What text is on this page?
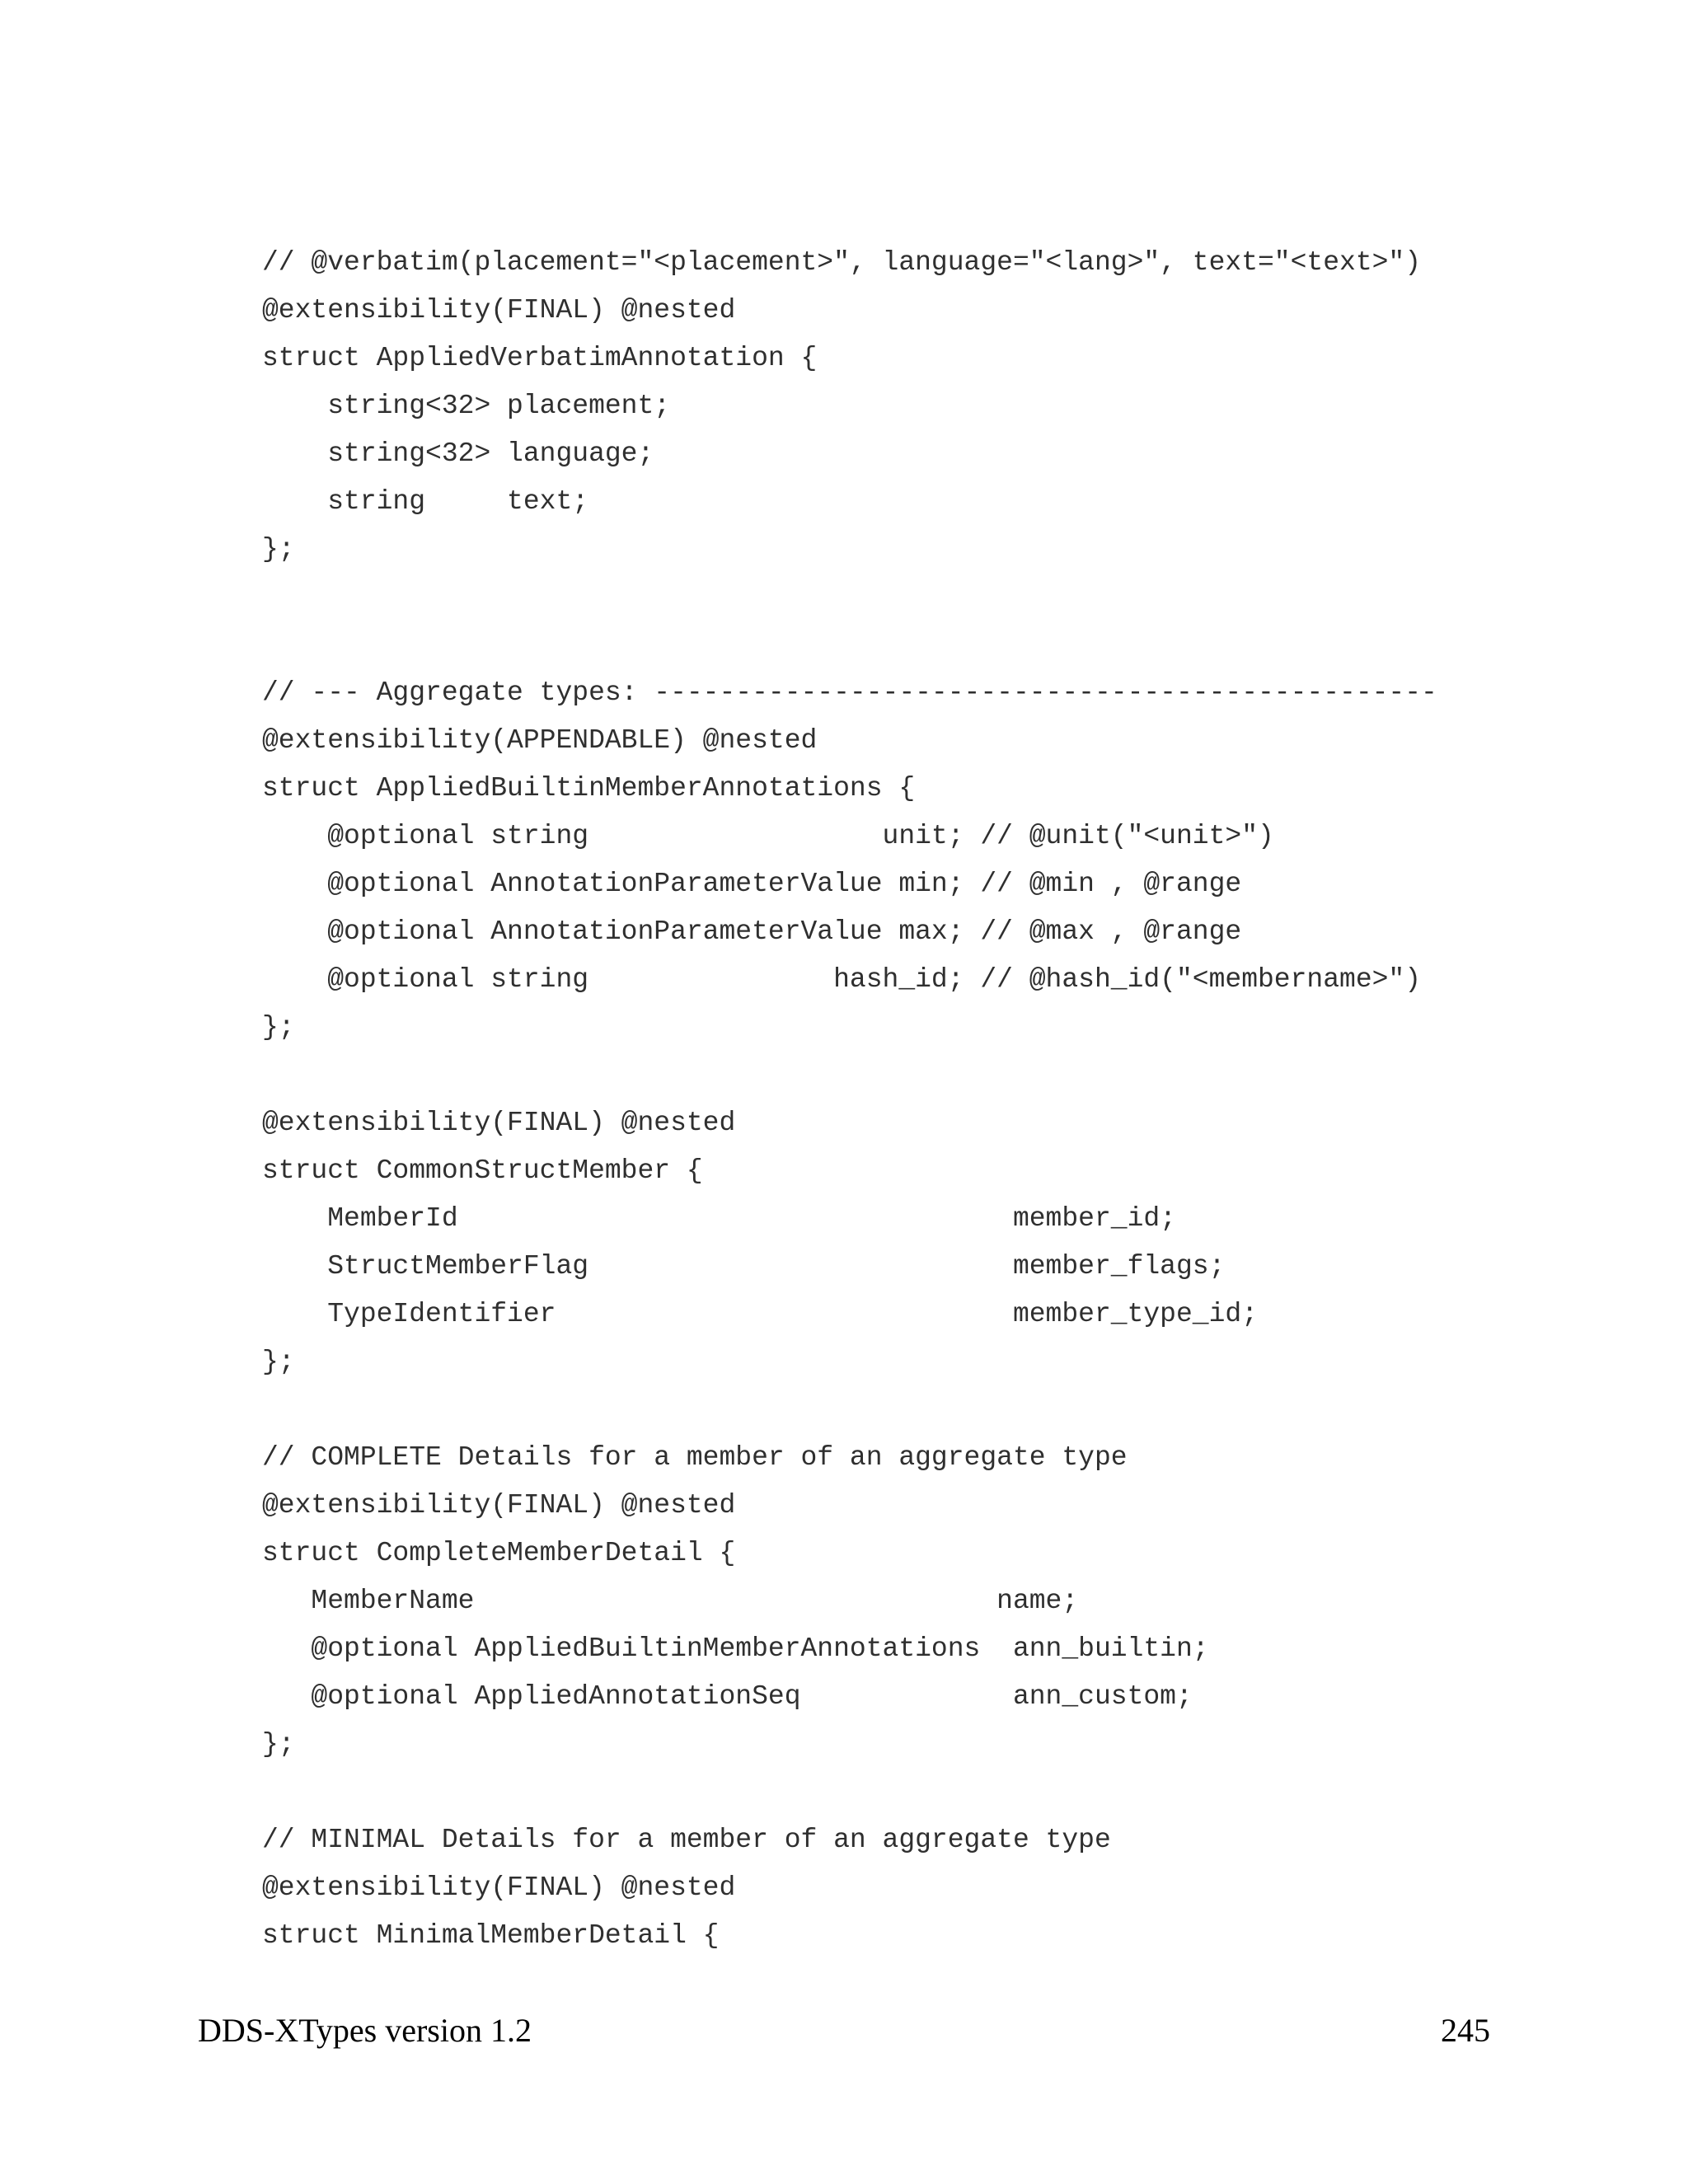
// @verbatim(placement="<placement>", language="<lang>", text="<text>")
@extensibility(FINAL) @nested
struct AppliedVerbatimAnnotation {
string<32> placement;
string<32> language;
string     text;
};
// --- Aggregate types: ------------------------------------------------
@extensibility(APPENDABLE) @nested
struct AppliedBuiltinMemberAnnotations {
@optional string                  unit; // @unit("<unit>")
@optional AnnotationParameterValue min; // @min , @range
@optional AnnotationParameterValue max; // @max , @range
@optional string               hash_id; // @hash_id("<membername>")
};
@extensibility(FINAL) @nested
struct CommonStructMember {
MemberId                                  member_id;
StructMemberFlag                          member_flags;
TypeIdentifier                            member_type_id;
};
// COMPLETE Details for a member of an aggregate type
@extensibility(FINAL) @nested
struct CompleteMemberDetail {
MemberName                                name;
@optional AppliedBuiltinMemberAnnotations  ann_builtin;
@optional AppliedAnnotationSeq             ann_custom;
};
// MINIMAL Details for a member of an aggregate type
@extensibility(FINAL) @nested
struct MinimalMemberDetail {
DDS-XTypes version 1.2	245
